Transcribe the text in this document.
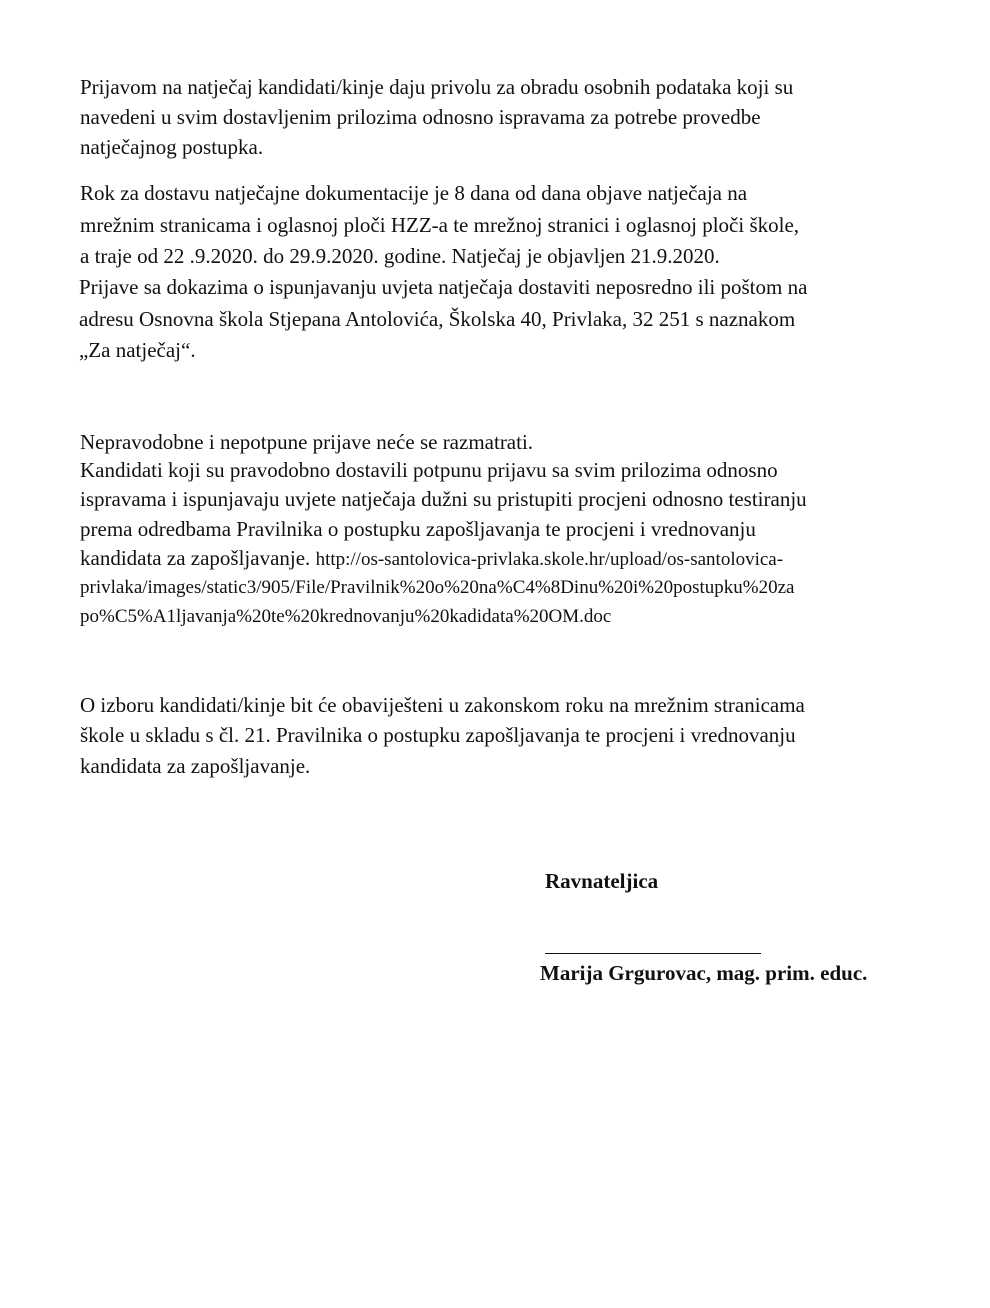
Prijavom na natječaj kandidati/kinje daju privolu za obradu osobnih podataka koji su
navedeni u svim dostavljenim prilozima odnosno ispravama za potrebe provedbe
natječajnog postupka.
Rok za dostavu natječajne dokumentacije je 8 dana od dana objave natječaja na
mrežnim stranicama i oglasnoj ploči HZZ-a te mrežnoj stranici i oglasnoj ploči škole,
a traje od 22 .9.2020. do 29.9.2020. godine. Natječaj je objavljen 21.9.2020.
Prijave sa dokazima o ispunjavanju uvjeta natječaja dostaviti neposredno ili poštom na
adresu Osnovna škola Stjepana Antolovića, Školska 40, Privlaka, 32 251 s naznakom
„Za natječaj“.
Nepravodobne i nepotpune prijave neće se razmatrati.
Kandidati koji su pravodobno dostavili potpunu prijavu sa svim prilozima odnosno
ispravama i ispunjavaju uvjete natječaja dužni su pristupiti procjeni odnosno testiranju
prema odredbama Pravilnika o postupku zapošljavanja te procjeni i vrednovanju
kandidata za zapošljavanje. http://os-santolovica-privlaka.skole.hr/upload/os-santolovica-
privlaka/images/static3/905/File/Pravilnik%20o%20na%C4%8Dinu%20i%20postupku%20za
po%C5%A1ljavanja%20te%20krednovanju%20kadidata%20OM.doc
O izboru kandidati/kinje bit će obaviješteni u zakonskom roku na mrežnim stranicama
škole u skladu s čl. 21. Pravilnika o postupku zapošljavanja te procjeni i vrednovanju
kandidata za zapošljavanje.
Ravnateljica
Marija Grgurovac, mag. prim. educ.
